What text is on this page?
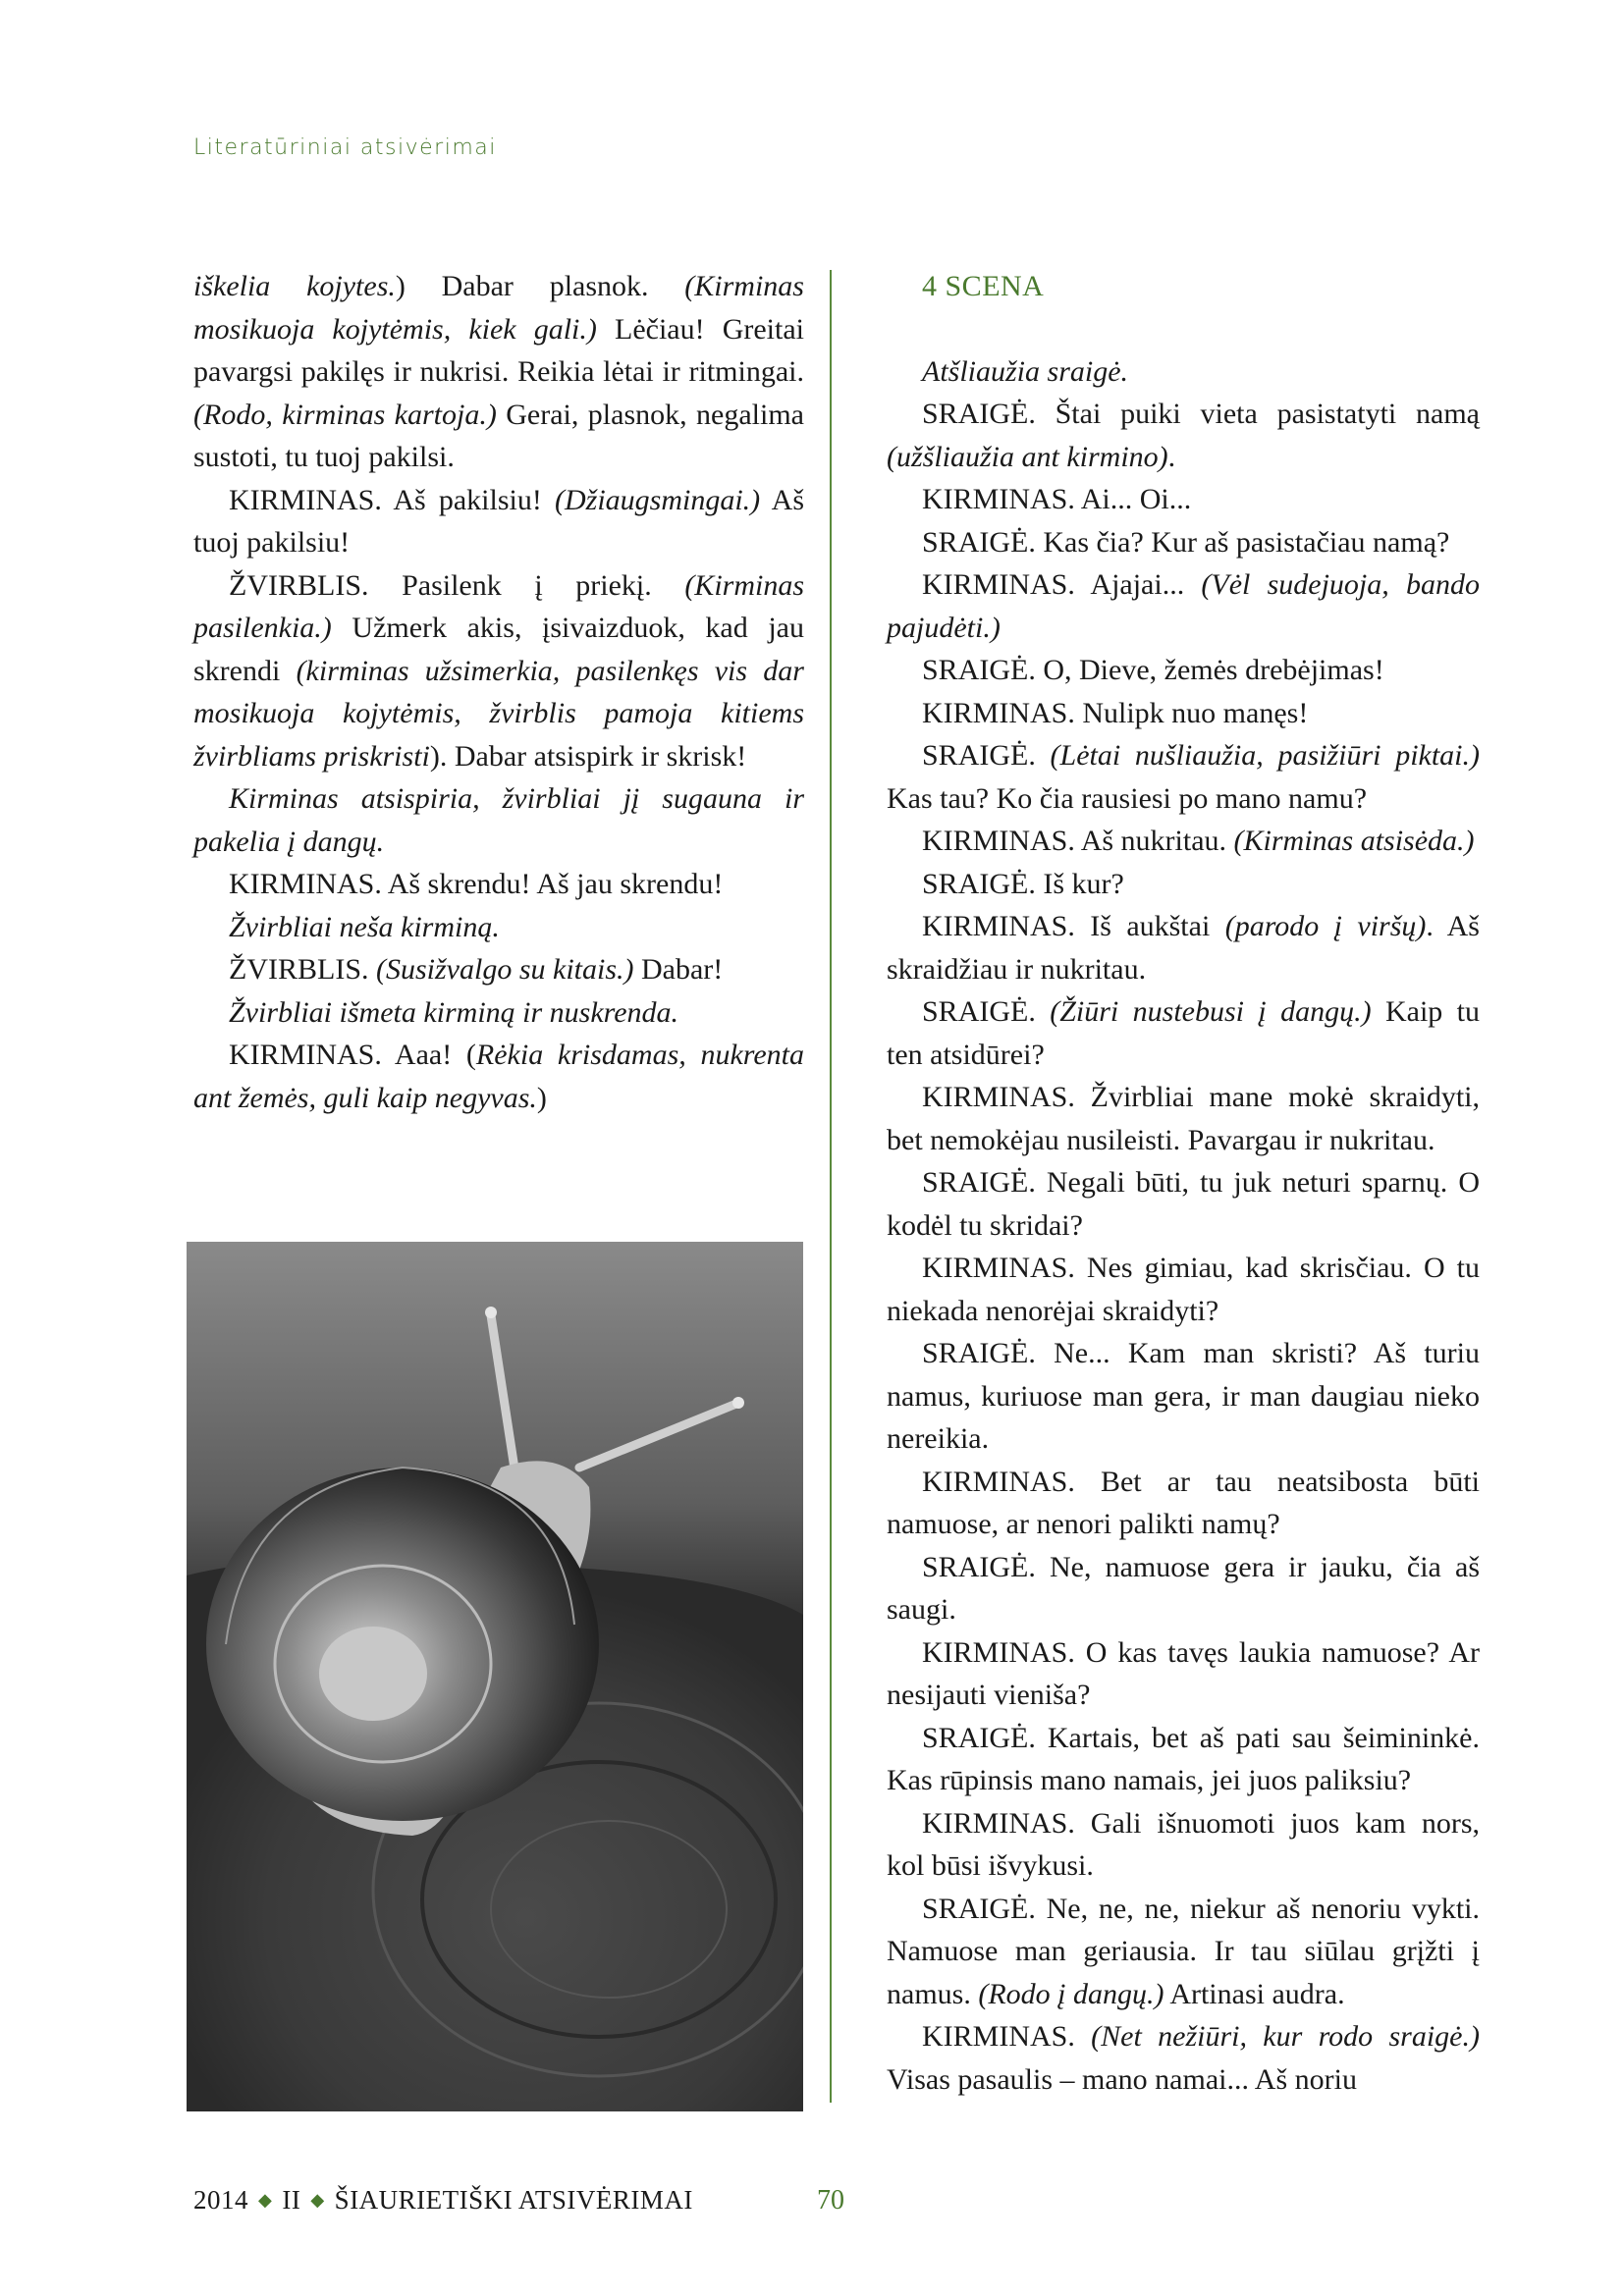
Literatūriniai atsivėrimai

iškelia kojytes.) Dabar plasnok. (Kirminas mosikuoja kojytėmis, kiek gali.) Lėčiau! Greitai pavargsi pakilęs ir nukrisi. Reikia lėtai ir ritmingai. (Rodo, kirminas kartoja.) Gerai, plasnok, negalima sustoti, tu tuoj pakilsi.

KIRMINAS. Aš pakilsiu! (Džiaugsmingai.) Aš tuoj pakilsiu!

ŽVIRBLIS. Pasilenk į priekį. (Kirminas pasilenkia.) Užmerk akis, įsivaizduok, kad jau skrendi (kirminas užsimerkia, pasilenkęs vis dar mosikuoja kojytėmis, žvirblis pamoja kitiems žvirbliams priskristi). Dabar atsispirk ir skrisk!

Kirminas atsispiria, žvirbliai jį sugauna ir pakelia į dangų.

KIRMINAS. Aš skrendu! Aš jau skrendu!

Žvirbliai neša kirminą.

ŽVIRBLIS. (Susižvalgo su kitais.) Dabar!

Žvirbliai išmeta kirminą ir nuskrenda.

KIRMINAS. Aaa! (Rėkia krisdamas, nukrenta ant žemės, guli kaip negyvas.)

4 SCENA

Atšliaužia sraigė.

SRAIGĖ. Štai puiki vieta pasistatyti namą (užšliaužia ant kirmino).

KIRMINAS. Ai... Oi...

SRAIGĖ. Kas čia? Kur aš pasistačiau namą?

KIRMINAS. Ajajai... (Vėl sudejuoja, bando pajudėti.)

SRAIGĖ. O, Dieve, žemės drebėjimas!

KIRMINAS. Nulipk nuo manęs!

SRAIGĖ. (Lėtai nušliaužia, pasižiūri piktai.) Kas tau? Ko čia rausiesi po mano namu?

KIRMINAS. Aš nukritau. (Kirminas atsisėda.)

SRAIGĖ. Iš kur?

KIRMINAS. Iš aukštai (parodo į viršų). Aš skraidžiau ir nukritau.

SRAIGĖ. (Žiūri nustebusi į dangų.) Kaip tu ten atsidūrei?

KIRMINAS. Žvirbliai mane mokė skraidyti, bet nemokėjau nusileisti. Pavargau ir nukritau.

SRAIGĖ. Negali būti, tu juk neturi sparnų. O kodėl tu skridai?

KIRMINAS. Nes gimiau, kad skrisčiau. O tu niekada nenorėjai skraidyti?

SRAIGĖ. Ne... Kam man skristi? Aš turiu namus, kuriuose man gera, ir man daugiau nieko nereikia.

KIRMINAS. Bet ar tau neatsibosta būti namuose, ar nenori palikti namų?

SRAIGĖ. Ne, namuose gera ir jauku, čia aš saugi.

KIRMINAS. O kas tavęs laukia namuose? Ar nesijauti vieniša?

SRAIGĖ. Kartais, bet aš pati sau šeimininkė. Kas rūpinsis mano namais, jei juos paliksiu?

KIRMINAS. Gali išnuomoti juos kam nors, kol būsi išvykusi.

SRAIGĖ. Ne, ne, ne, niekur aš nenoriu vykti. Namuose man geriausia. Ir tau siūlau grįžti į namus. (Rodo į dangų.) Artinasi audra.

KIRMINAS. (Net nežiūri, kur rodo sraigė.) Visas pasaulis – mano namai... Aš noriu

2014 ◆ II ◆ ŠIAURIETIŠKI ATSIVĖRIMAI	70
